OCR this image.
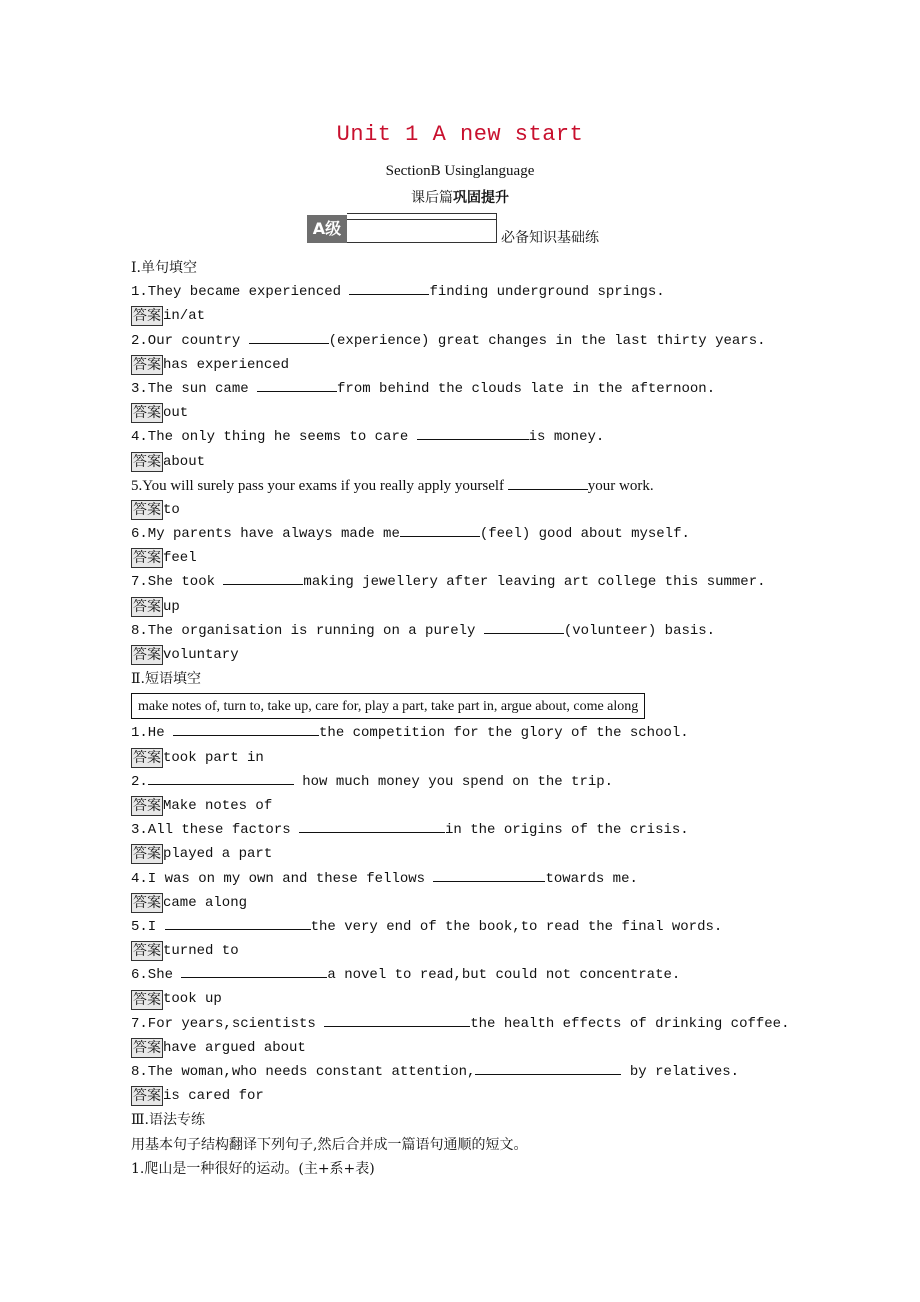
Unit 1 A new start
SectionB Usinglanguage
课后篇巩固提升
A级	必备知识基础练
Ⅰ.单句填空
1.They became experienced	finding underground springs.
答案 in/at
2.Our country	(experience) great changes in the last thirty years.
答案 has experienced
3.The sun came	from behind the clouds late in the afternoon.
答案 out
4.The only thing he seems to care	is money.
答案 about
5.You will surely pass your exams if you really apply yourself	your work.
答案 to
6.My parents have always made me	(feel) good about myself.
答案 feel
7.She took	making jewellery after leaving art college this summer.
答案 up
8.The organisation is running on a purely	(volunteer) basis.
答案 voluntary
Ⅱ.短语填空
make notes of, turn to, take up, care for, play a part, take part in, argue about, come along
1.He	the competition for the glory of the school.
答案 took part in
2.	how much money you spend on the trip.
答案 Make notes of
3.All these factors	in the origins of the crisis.
答案 played a part
4.I was on my own and these fellows	towards me.
答案 came along
5.I	the very end of the book,to read the final words.
答案 turned to
6.She	a novel to read,but could not concentrate.
答案 took up
7.For years,scientists	the health effects of drinking coffee.
答案 have argued about
8.The woman,who needs constant attention,	by relatives.
答案 is cared for
Ⅲ.语法专练
用基本句子结构翻译下列句子,然后合并成一篇语句通顺的短文。
1.爬山是一种很好的运动。(主+系+表)
